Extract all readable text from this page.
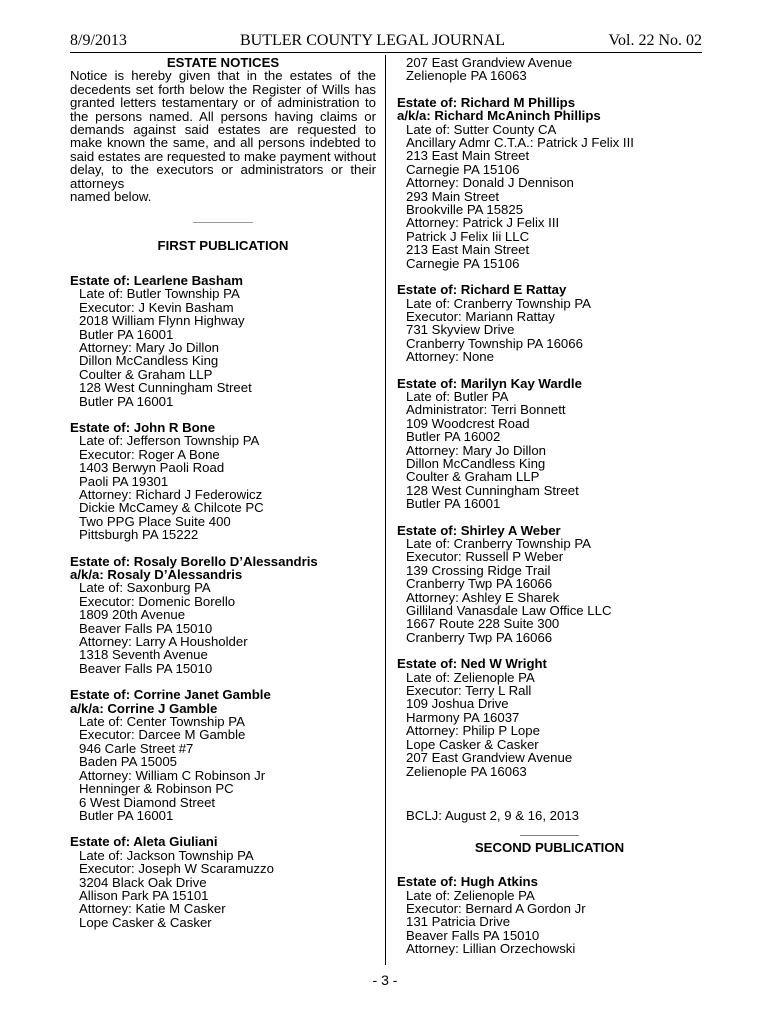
8/9/2013	BUTLER COUNTY LEGAL JOURNAL	Vol. 22 No. 02
ESTATE NOTICES
Notice is hereby given that in the estates of the decedents set forth below the Register of Wills has granted letters testamentary or of administration to the persons named. All persons having claims or demands against said estates are requested to make known the same, and all persons indebted to said estates are requested to make payment without delay, to the executors or administrators or their attorneys
named below.
FIRST PUBLICATION
Estate of: Learlene Basham
Late of: Butler Township PA
Executor: J Kevin Basham
2018 William Flynn Highway
Butler PA 16001
Attorney: Mary Jo Dillon
Dillon McCandless King
Coulter & Graham LLP
128 West Cunningham Street
Butler PA 16001
Estate of: John R Bone
Late of: Jefferson Township PA
Executor: Roger A Bone
1403 Berwyn Paoli Road
Paoli PA 19301
Attorney: Richard J Federowicz
Dickie McCamey & Chilcote PC
Two PPG Place Suite 400
Pittsburgh PA 15222
Estate of: Rosaly Borello D’Alessandris
a/k/a: Rosaly D’Alessandris
Late of: Saxonburg PA
Executor: Domenic Borello
1809 20th Avenue
Beaver Falls PA 15010
Attorney: Larry A Housholder
1318 Seventh Avenue
Beaver Falls PA 15010
Estate of: Corrine Janet Gamble
a/k/a: Corrine J Gamble
Late of: Center Township PA
Executor: Darcee M Gamble
946 Carle Street #7
Baden PA 15005
Attorney: William C Robinson Jr
Henninger & Robinson PC
6 West Diamond Street
Butler PA 16001
Estate of: Aleta Giuliani
Late of: Jackson Township PA
Executor: Joseph W Scaramuzzo
3204 Black Oak Drive
Allison Park PA 15101
Attorney: Katie M Casker
Lope Casker & Casker
207 East Grandview Avenue
Zelienople PA 16063
Estate of: Richard M Phillips
a/k/a: Richard McAninch Phillips
Late of: Sutter County CA
Ancillary Admr C.T.A.: Patrick J Felix III
213 East Main Street
Carnegie PA 15106
Attorney: Donald J Dennison
293 Main Street
Brookville PA 15825
Attorney: Patrick J Felix III
Patrick J Felix Iii LLC
213 East Main Street
Carnegie PA 15106
Estate of: Richard E Rattay
Late of: Cranberry Township PA
Executor: Mariann Rattay
731 Skyview Drive
Cranberry Township PA 16066
Attorney: None
Estate of: Marilyn Kay Wardle
Late of: Butler PA
Administrator: Terri Bonnett
109 Woodcrest Road
Butler PA 16002
Attorney: Mary Jo Dillon
Dillon McCandless King
Coulter & Graham LLP
128 West Cunningham Street
Butler PA 16001
Estate of: Shirley A Weber
Late of: Cranberry Township PA
Executor: Russell P Weber
139 Crossing Ridge Trail
Cranberry Twp PA 16066
Attorney: Ashley E Sharek
Gilliland Vanasdale Law Office LLC
1667 Route 228 Suite 300
Cranberry Twp PA 16066
Estate of: Ned W Wright
Late of: Zelienople PA
Executor: Terry L Rall
109 Joshua Drive
Harmony PA 16037
Attorney: Philip P Lope
Lope Casker & Casker
207 East Grandview Avenue
Zelienople PA 16063
BCLJ: August 2, 9 & 16, 2013
________
SECOND PUBLICATION
Estate of: Hugh Atkins
Late of: Zelienople PA
Executor: Bernard A Gordon Jr
131 Patricia Drive
Beaver Falls PA 15010
Attorney: Lillian Orzechowski
- 3 -
